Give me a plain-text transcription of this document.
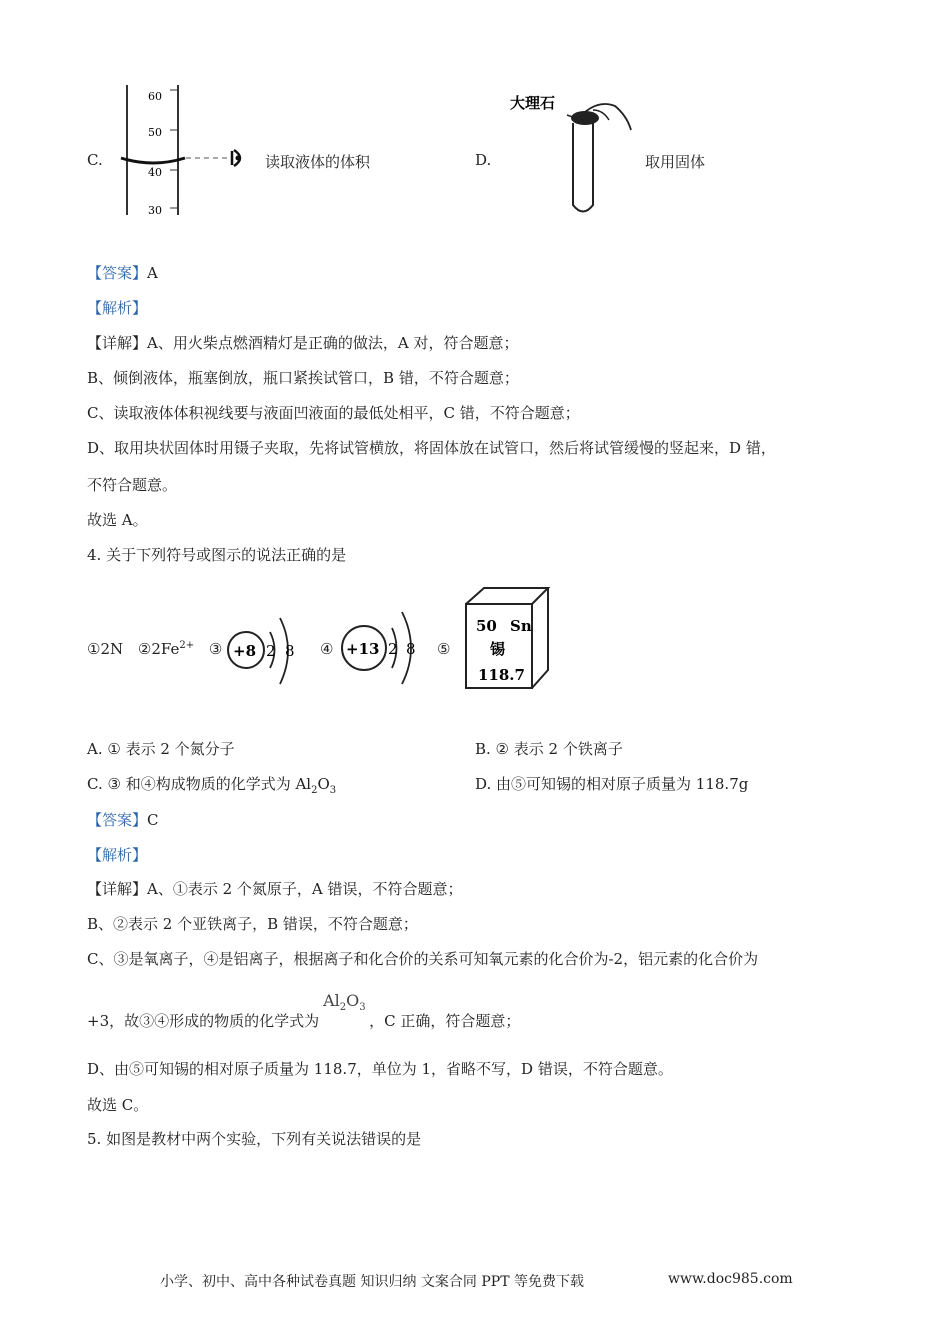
C.
60
50
40
30
读取液体的体积	D.
大理石
取用固体
【答案】A
【解析】
【详解】A、用火柴点燃酒精灯是正确的做法，A 对，符合题意；
B、倾倒液体，瓶塞倒放，瓶口紧挨试管口，B 错，不符合题意；
C、读取液体体积视线要与液面凹液面的最低处相平，C 错，不符合题意；
D、取用块状固体时用镊子夹取，先将试管横放，将固体放在试管口，然后将试管缓慢的竖起来，D 错，
不符合题意。
故选 A。
4. 关于下列符号或图示的说法正确的是
①2N $②2Fe^{2+}$ ③ +8 2 8 ④ +13 2 8 ⑤
50 Sn
锡
118.7
A. ① 表示 2 个氮分子	B. ② 表示 2 个铁离子
C. ③ 和④构成物质的化学式为 $Al_2O_3$	D. 由⑤可知锡的相对原子质量为 118.7g
【答案】C
【解析】
【详解】A、①表示 2 个氮原子，A 错误，不符合题意；
B、②表示 2 个亚铁离子，B 错误，不符合题意；
C、③是氧离子，④是铝离子，根据离子和化合价的关系可知氧元素的化合价为-2，铝元素的化合价为
+3，故③④形成的物质的化学式为
$Al_2O_3$
，C 正确，符合题意；
D、由⑤可知锡的相对原子质量为 118.7，单位为 1，省略不写，D 错误，不符合题意。
故选 C。
5. 如图是教材中两个实验，下列有关说法错误的是
小学、初中、高中各种试卷真题 知识归纳 文案合同 PPT 等免费下载	www.doc985.com
